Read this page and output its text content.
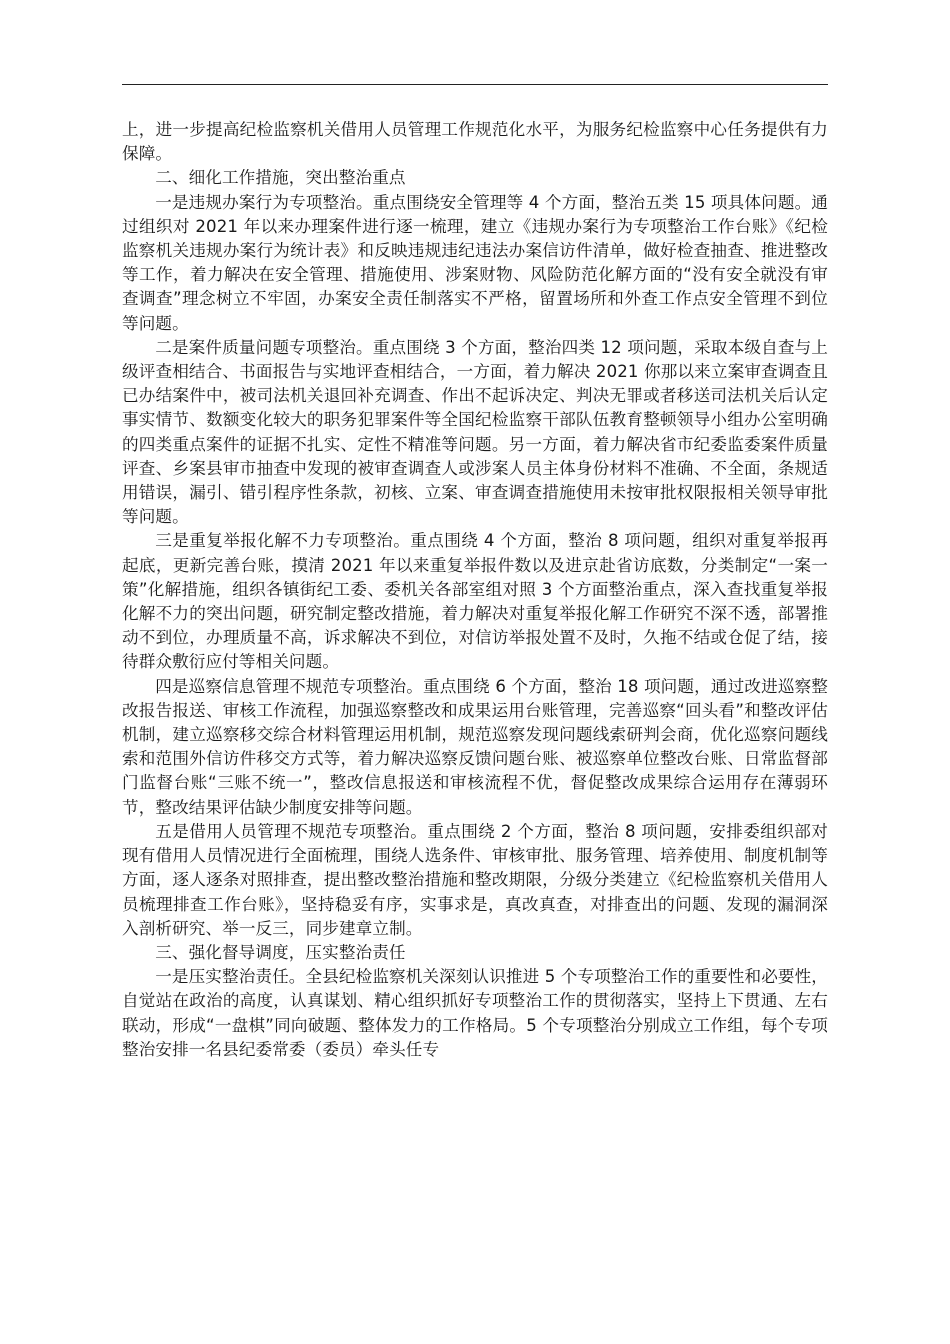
上，进一步提高纪检监察机关借用人员管理工作规范化水平，为服务纪检监察中心任务提供有力保障。

二、细化工作措施，突出整治重点

一是违规办案行为专项整治。重点围绕安全管理等 4 个方面，整治五类 15 项具体问题。通过组织对 2021 年以来办理案件进行逐一梳理，建立《违规办案行为专项整治工作台账》《纪检监察机关违规办案行为统计表》和反映违规违纪违法办案信访件清单，做好检查抽查、推进整改等工作，着力解决在安全管理、措施使用、涉案财物、风险防范化解方面的“没有安全就没有审查调查”理念树立不牢固，办案安全责任制落实不严格，留置场所和外查工作点安全管理不到位等问题。

二是案件质量问题专项整治。重点围绕 3 个方面，整治四类 12 项问题，采取本级自查与上级评查相结合、书面报告与实地评查相结合，一方面，着力解决 2021 你那以来立案审查调查且已办结案件中，被司法机关退回补充调查、作出不起诉决定、判决无罪或者移送司法机关后认定事实情节、数额变化较大的职务犯罪案件等全国纪检监察干部队伍教育整顿领导小组办公室明确的四类重点案件的证据不扎实、定性不精准等问题。另一方面，着力解决省市纪委监委案件质量评查、乡案县审市抽查中发现的被审查调查人或涉案人员主体身份材料不准确、不全面，条规适用错误，漏引、错引程序性条款，初核、立案、审查调查措施使用未按审批权限报相关领导审批等问题。

三是重复举报化解不力专项整治。重点围绕 4 个方面，整治 8 项问题，组织对重复举报再起底，更新完善台账，摸清 2021 年以来重复举报件数以及进京赴省访底数，分类制定“一案一策”化解措施，组织各镇街纪工委、委机关各部室组对照 3 个方面整治重点，深入查找重复举报化解不力的突出问题，研究制定整改措施，着力解决对重复举报化解工作研究不深不透，部署推动不到位，办理质量不高，诉求解决不到位，对信访举报处置不及时，久拖不结或仓促了结，接待群众敷衍应付等相关问题。

四是巡察信息管理不规范专项整治。重点围绕 6 个方面，整治 18 项问题，通过改进巡察整改报告报送、审核工作流程，加强巡察整改和成果运用台账管理，完善巡察“回头看”和整改评估机制，建立巡察移交综合材料管理运用机制，规范巡察发现问题线索研判会商，优化巡察问题线索和范围外信访件移交方式等，着力解决巡察反馈问题台账、被巡察单位整改台账、日常监督部门监督台账“三账不统一”，整改信息报送和审核流程不优，督促整改成果综合运用存在薄弱环节，整改结果评估缺少制度安排等问题。

五是借用人员管理不规范专项整治。重点围绕 2 个方面，整治 8 项问题，安排委组织部对现有借用人员情况进行全面梳理，围绕人选条件、审核审批、服务管理、培养使用、制度机制等方面，逐人逐条对照排查，提出整改整治措施和整改期限，分级分类建立《纪检监察机关借用人员梳理排查工作台账》，坚持稳妥有序，实事求是，真改真查，对排查出的问题、发现的漏洞深入剖析研究、举一反三，同步建章立制。

三、强化督导调度，压实整治责任

一是压实整治责任。全县纪检监察机关深刻认识推进 5 个专项整治工作的重要性和必要性，自觉站在政治的高度，认真谋划、精心组织抓好专项整治工作的贯彻落实，坚持上下贯通、左右联动，形成“一盘棋”同向破题、整体发力的工作格局。5 个专项整治分别成立工作组，每个专项整治安排一名县纪委常委（委员）牵头任专
